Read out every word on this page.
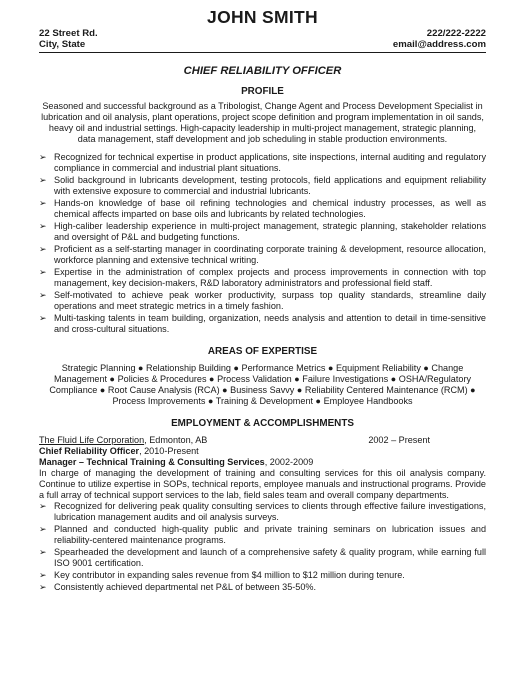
JOHN SMITH
22 Street Rd.	222/222-2222
City, State	email@address.com
CHIEF RELIABILITY OFFICER
PROFILE
Seasoned and successful background as a Tribologist, Change Agent and Process Development Specialist in lubrication and oil analysis, plant operations, project scope definition and program implementation in oil sands, heavy oil and industrial settings. High-capacity leadership in multi-project management, strategic planning, data management, staff development and job scheduling in stable production environments.
➢ Recognized for technical expertise in product applications, site inspections, internal auditing and regulatory compliance in commercial and industrial plant situations.
➢ Solid background in lubricants development, testing protocols, field applications and equipment reliability with extensive exposure to commercial and industrial lubricants.
➢ Hands-on knowledge of base oil refining technologies and chemical industry processes, as well as chemical affects imparted on base oils and lubricants by related technologies.
➢ High-caliber leadership experience in multi-project management, strategic planning, stakeholder relations and oversight of P&L and budgeting functions.
➢ Proficient as a self-starting manager in coordinating corporate training & development, resource allocation, workforce planning and extensive technical writing.
➢ Expertise in the administration of complex projects and process improvements in connection with top management, key decision-makers, R&D laboratory administrators and professional field staff.
➢ Self-motivated to achieve peak worker productivity, surpass top quality standards, streamline daily operations and meet strategic metrics in a timely fashion.
➢ Multi-tasking talents in team building, organization, needs analysis and attention to detail in time-sensitive and cross-cultural situations.
AREAS OF EXPERTISE
Strategic Planning ● Relationship Building ● Performance Metrics ● Equipment Reliability ● Change Management ● Policies & Procedures ● Process Validation ● Failure Investigations ● OSHA/Regulatory Compliance ● Root Cause Analysis (RCA) ● Business Savvy ● Reliability Centered Maintenance (RCM) ● Process Improvements ● Training & Development ● Employee Handbooks
EMPLOYMENT & ACCOMPLISHMENTS
The Fluid Life Corporation, Edmonton, AB	2002 – Present
Chief Reliability Officer, 2010-Present
Manager – Technical Training & Consulting Services, 2002-2009
In charge of managing the development of training and consulting services for this oil analysis company. Continue to utilize expertise in SOPs, technical reports, employee manuals and instructional programs. Provide a full array of technical support services to the lab, field sales team and overall company departments.
➢ Recognized for delivering peak quality consulting services to clients through effective failure investigations, lubrication management audits and oil analysis surveys.
➢ Planned and conducted high-quality public and private training seminars on lubrication issues and reliability-centered maintenance programs.
➢ Spearheaded the development and launch of a comprehensive safety & quality program, while earning full ISO 9001 certification.
➢ Key contributor in expanding sales revenue from $4 million to $12 million during tenure.
➢ Consistently achieved departmental net P&L of between 35-50%.
